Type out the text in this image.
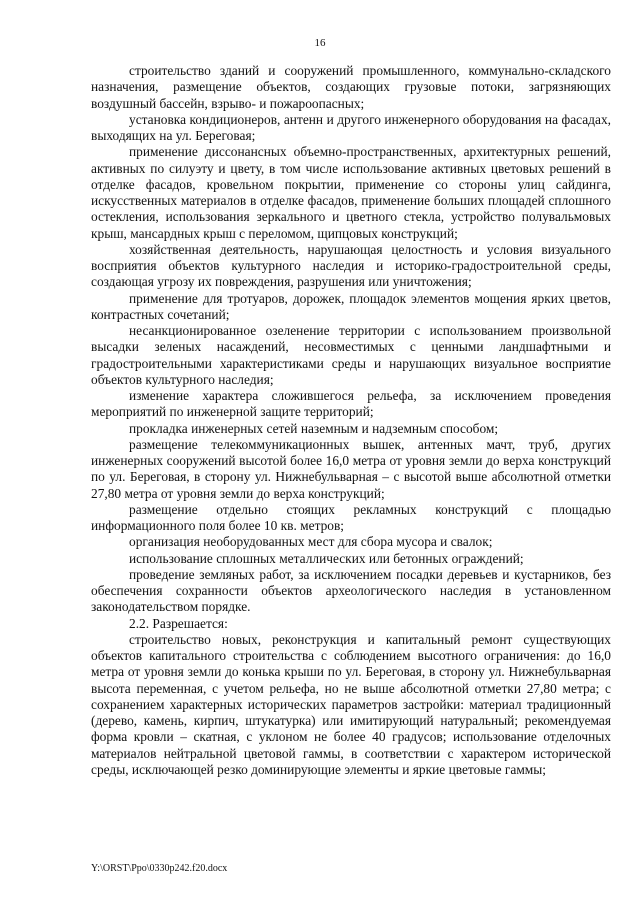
16

строительство зданий и сооружений промышленного, коммунально-складского назначения, размещение объектов, создающих грузовые потоки, загрязняющих воздушный бассейн, взрыво- и пожароопасных;

установка кондиционеров, антенн и другого инженерного оборудования на фасадах, выходящих на ул. Береговая;

применение диссонансных объемно-пространственных, архитектурных решений, активных по силуэту и цвету, в том числе использование активных цветовых решений в отделке фасадов, кровельном покрытии, применение со стороны улиц сайдинга, искусственных материалов в отделке фасадов, применение больших площадей сплошного остекления, использования зеркального и цветного стекла, устройство полувальмовых крыш, мансардных крыш с переломом, щипцовых конструкций;

хозяйственная деятельность, нарушающая целостность и условия визуального восприятия объектов культурного наследия и историко-градостроительной среды, создающая угрозу их повреждения, разрушения или уничтожения;

применение для тротуаров, дорожек, площадок элементов мощения ярких цветов, контрастных сочетаний;

несанкционированное озеленение территории с использованием произвольной высадки зеленых насаждений, несовместимых с ценными ландшафтными и градостроительными характеристиками среды и нарушающих визуальное восприятие объектов культурного наследия;

изменение характера сложившегося рельефа, за исключением проведения мероприятий по инженерной защите территорий;

прокладка инженерных сетей наземным и надземным способом;

размещение телекоммуникационных вышек, антенных мачт, труб, других инженерных сооружений высотой более 16,0 метра от уровня земли до верха конструкций по ул. Береговая, в сторону ул. Нижнебульварная – с высотой выше абсолютной отметки 27,80 метра от уровня земли до верха конструкций;

размещение отдельно стоящих рекламных конструкций с площадью информационного поля более 10 кв. метров;

организация необорудованных мест для сбора мусора и свалок;

использование сплошных металлических или бетонных ограждений;

проведение земляных работ, за исключением посадки деревьев и кустарников, без обеспечения сохранности объектов археологического наследия в установленном законодательством порядке.

2.2. Разрешается:

строительство новых, реконструкция и капитальный ремонт существующих объектов капитального строительства с соблюдением высотного ограничения: до 16,0 метра от уровня земли до конька крыши по ул. Береговая, в сторону ул. Нижнебульварная высота переменная, с учетом рельефа, но не выше абсолютной отметки 27,80 метра; с сохранением характерных исторических параметров застройки: материал традиционный (дерево, камень, кирпич, штукатурка) или имитирующий натуральный; рекомендуемая форма кровли – скатная, с уклоном не более 40 градусов; использование отделочных материалов нейтральной цветовой гаммы, в соответствии с характером исторической среды, исключающей резко доминирующие элементы и яркие цветовые гаммы;

Y:\ORST\Ppo\0330p242.f20.docx
